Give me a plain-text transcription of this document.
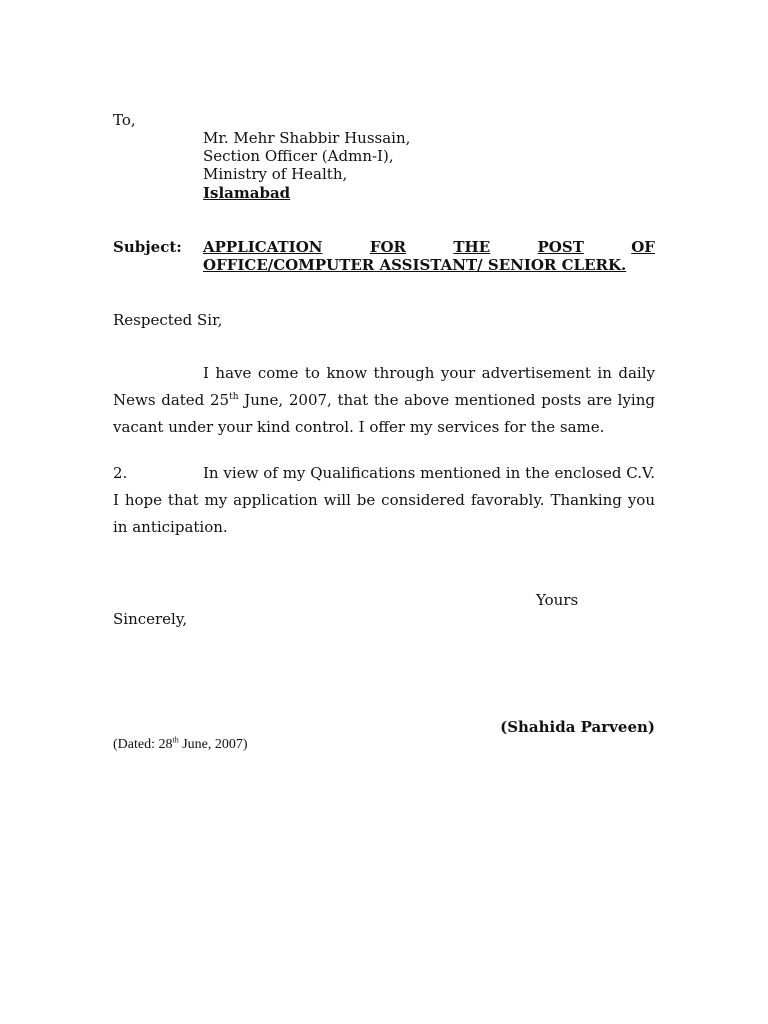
To,
Mr. Mehr Shabbir Hussain,
Section Officer (Admn-I),
Ministry of Health,
Islamabad
Subject: APPLICATION	FOR	THE	POST	OF
OFFICE/COMPUTER ASSISTANT/ SENIOR CLERK.
Respected Sir,
I have come to know through your advertisement in daily News dated 25th June, 2007, that the above mentioned posts are lying vacant under your kind control. I offer my services for the same.
2.	In view of my Qualifications mentioned in the enclosed C.V. I hope that my application will be considered favorably. Thanking you in anticipation.
Yours
Sincerely,
(Shahida Parveen)
(Dated: 28th June, 2007)
